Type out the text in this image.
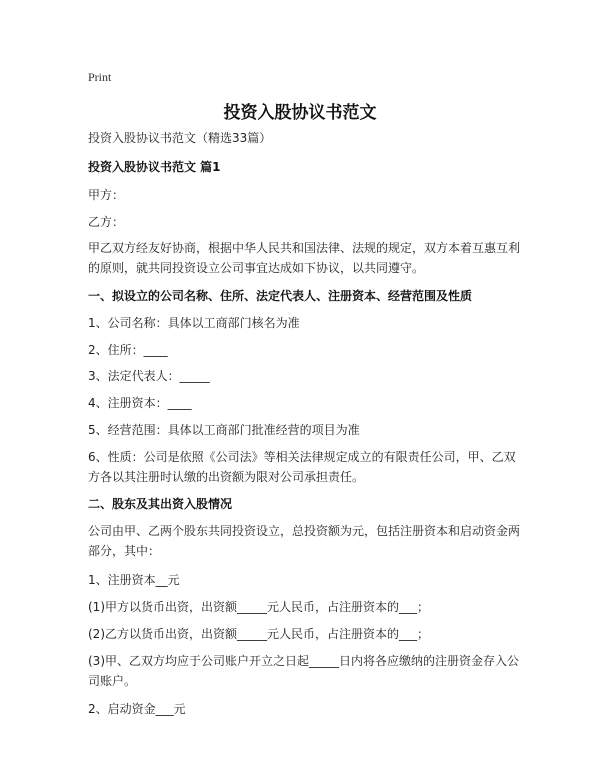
Print
投资入股协议书范文
投资入股协议书范文（精选33篇）
投资入股协议书范文 篇1
甲方：
乙方：
甲乙双方经友好协商，根据中华人民共和国法律、法规的规定，双方本着互惠互利
的原则，就共同投资设立公司事宜达成如下协议，以共同遵守。
一、拟设立的公司名称、住所、法定代表人、注册资本、经营范围及性质
1、公司名称：具体以工商部门核名为准
2、住所：____
3、法定代表人：_____
4、注册资本：____
5、经营范围：具体以工商部门批准经营的项目为准
6、性质：公司是依照《公司法》等相关法律规定成立的有限责任公司，甲、乙双
方各以其注册时认缴的出资额为限对公司承担责任。
二、股东及其出资入股情况
公司由甲、乙两个股东共同投资设立，总投资额为元，包括注册资本和启动资金两
部分，其中：
1、注册资本__元
(1)甲方以货币出资，出资额_____元人民币，占注册资本的___；
(2)乙方以货币出资，出资额_____元人民币，占注册资本的___；
(3)甲、乙双方均应于公司账户开立之日起_____日内将各应缴纳的注册资金存入公
司账户。
2、启动资金___元
